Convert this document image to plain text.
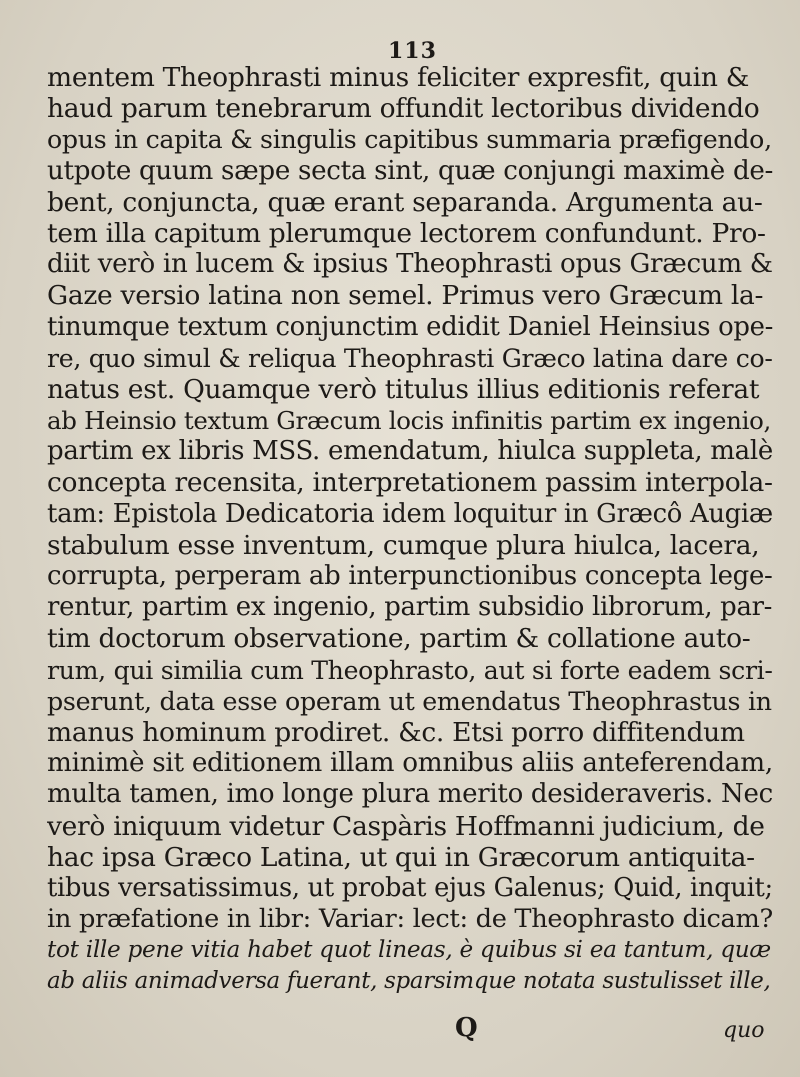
113
mentem Theophrasti minus feliciter expresfit, quin &
haud parum tenebrarum offundit lectoribus dividendo
opus in capita & singulis capitibus summaria præfigendo,
utpote quum sæpe secta sint, quæ conjungi maximè de-
bent, conjuncta, quæ erant separanda. Argumenta au-
tem illa capitum plerumque lectorem confundunt. Pro-
diit verò in lucem & ipsius Theophrasti opus Græcum &
Gaze versio latina non semel. Primus vero Græcum la-
tinumque textum conjunctim edidit Daniel Heinsius ope-
re, quo simul & reliqua Theophrasti Græco latina dare co-
natus est. Quamque verò titulus illius editionis referat
ab Heinsio textum Græcum locis infinitis partim ex ingenio,
partim ex libris MSS. emendatum, hiulca suppleta, malè
concepta recensita, interpretationem passim interpola-
tam: Epistola Dedicatoria idem loquitur in Græcô Augiæ
stabulum esse inventum, cumque plura hiulca, lacera,
corrupta, perperam ab interpunctionibus concepta lege-
rentur, partim ex ingenio, partim subsidio librorum, par-
tim doctorum observatione, partim & collatione auto-
rum, qui similia cum Theophrasto, aut si forte eadem scri-
pserunt, data esse operam ut emendatus Theophrastus in
manus hominum prodiret. &c. Etsi porro diffitendum
minimè sit editionem illam omnibus aliis anteferendam,
multa tamen, imo longe plura merito desideraveris. Nec
verò iniquum videtur Caspàris Hoffmanni judicium, de
hac ipsa Græco Latina, ut qui in Græcorum antiquita-
tibus versatissimus, ut probat ejus Galenus; Quid, inquit;
in præfatione in libr: Variar: lect: de Theophrasto dicam?
tot ille pene vitia habet quot lineas, è quibus si ea tantum, quæ
ab aliis animadversa fuerant, sparsimque notata sustulisset ille,
Q	quo
